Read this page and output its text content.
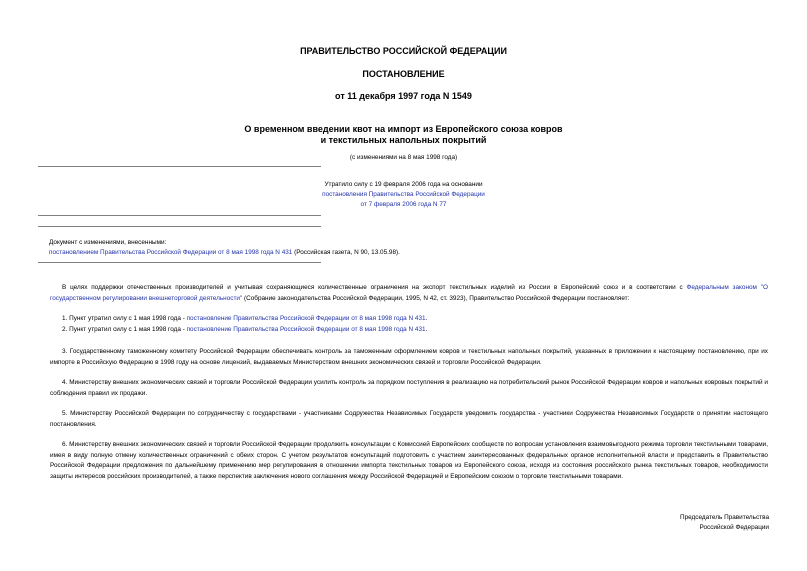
ПРАВИТЕЛЬСТВО РОССИЙСКОЙ ФЕДЕРАЦИИ
ПОСТАНОВЛЕНИЕ
от 11 декабря 1997 года N 1549
О временном введении квот на импорт из Европейского союза ковров
и текстильных напольных покрытий
(с изменениями на 8 мая 1998 года)
Утратило силу с 19 февраля 2006 года на основании
постановления Правительства Российской Федерации
от 7 февраля 2006 года N 77
Документ с изменениями, внесенными:
постановлением Правительства Российской Федерации от 8 мая 1998 года N 431 (Российская газета, N 90, 13.05.98).
В целях поддержки отечественных производителей и учитывая сохраняющиеся количественные ограничения на экспорт текстильных изделий из России в Европейский союз и в соответствии с Федеральным законом "О государственном регулировании внешнеторговой деятельности" (Собрание законодательства Российской Федерации, 1995, N 42, ст. 3923), Правительство Российской Федерации постановляет:
1. Пункт утратил силу с 1 мая 1998 года - постановление Правительства Российской Федерации от 8 мая 1998 года N 431.
2. Пункт утратил силу с 1 мая 1998 года - постановление Правительства Российской Федерации от 8 мая 1998 года N 431.
3. Государственному таможенному комитету Российской Федерации обеспечивать контроль за таможенным оформлением ковров и текстильных напольных покрытий, указанных в приложении к настоящему постановлению, при их импорте в Российскую Федерацию в 1998 году на основе лицензий, выдаваемых Министерством внешних экономических связей и торговли Российской Федерации.
4. Министерству внешних экономических связей и торговли Российской Федерации усилить контроль за порядком поступления в реализацию на потребительский рынок Российской Федерации ковров и напольных ковровых покрытий и соблюдения правил их продажи.
5. Министерству Российской Федерации по сотрудничеству с государствами - участниками Содружества Независимых Государств уведомить государства - участники Содружества Независимых Государств о принятии настоящего постановления.
6. Министерству внешних экономических связей и торговли Российской Федерации продолжить консультации с Комиссией Европейских сообществ по вопросам установления взаимовыгодного режима торговли текстильными товарами, имея в виду полную отмену количественных ограничений с обеих сторон. С учетом результатов консультаций подготовить с участием заинтересованных федеральных органов исполнительной власти и представить в Правительство Российской Федерации предложения по дальнейшему применению мер регулирования в отношении импорта текстильных товаров из Европейского союза, исходя из состояния российского рынка текстильных товаров, необходимости защиты интересов российских производителей, а также перспектив заключения нового соглашения между Российской Федерацией и Европейским союзом о торговле текстильными товарами.
Председатель Правительства
Российской Федерации
